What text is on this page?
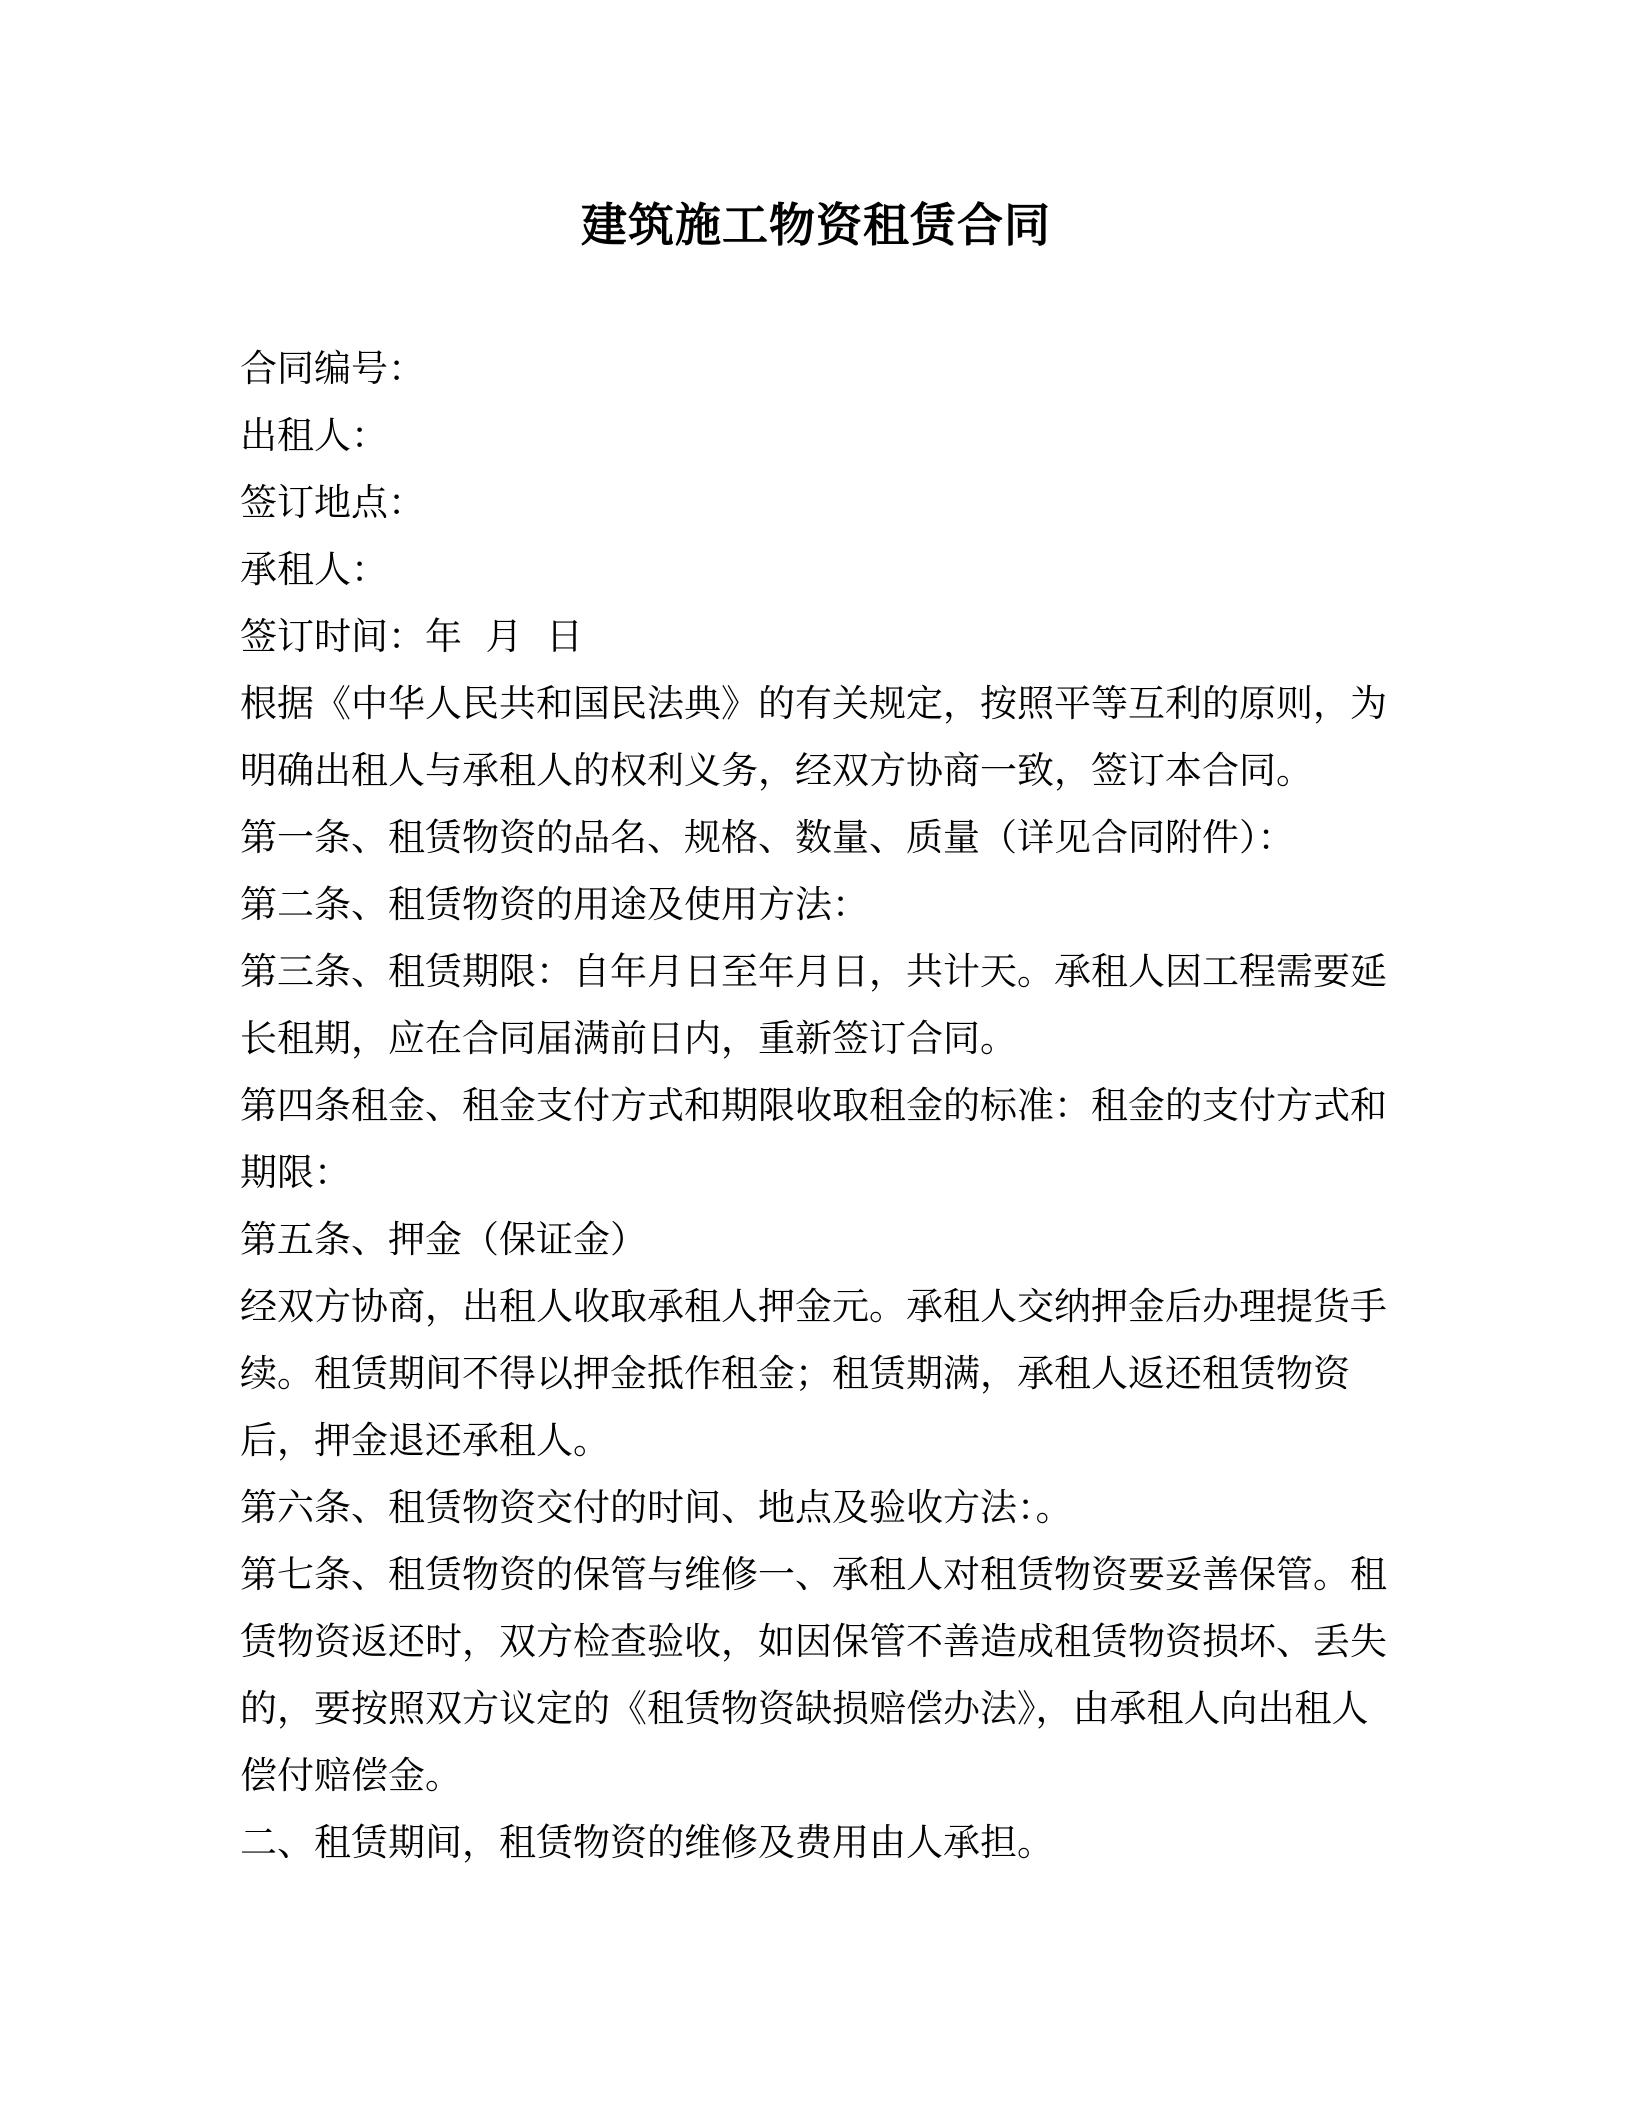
建筑施工物资租赁合同
合同编号：
出租人：
签订地点：
承租人：
签订时间：年  月  日
根据《中华人民共和国民法典》的有关规定，按照平等互利的原则，为明确出租人与承租人的权利义务，经双方协商一致，签订本合同。
第一条、租赁物资的品名、规格、数量、质量（详见合同附件）：
第二条、租赁物资的用途及使用方法：
第三条、租赁期限：自年月日至年月日，共计天。承租人因工程需要延长租期，应在合同届满前日内，重新签订合同。
第四条租金、租金支付方式和期限收取租金的标准：租金的支付方式和期限：
第五条、押金（保证金）
经双方协商，出租人收取承租人押金元。承租人交纳押金后办理提货手续。租赁期间不得以押金抵作租金；租赁期满，承租人返还租赁物资后，押金退还承租人。
第六条、租赁物资交付的时间、地点及验收方法：。
第七条、租赁物资的保管与维修一、承租人对租赁物资要妥善保管。租赁物资返还时，双方检查验收，如因保管不善造成租赁物资损坏、丢失的，要按照双方议定的《租赁物资缺损赔偿办法》，由承租人向出租人偿付赔偿金。
二、租赁期间，租赁物资的维修及费用由人承担。
